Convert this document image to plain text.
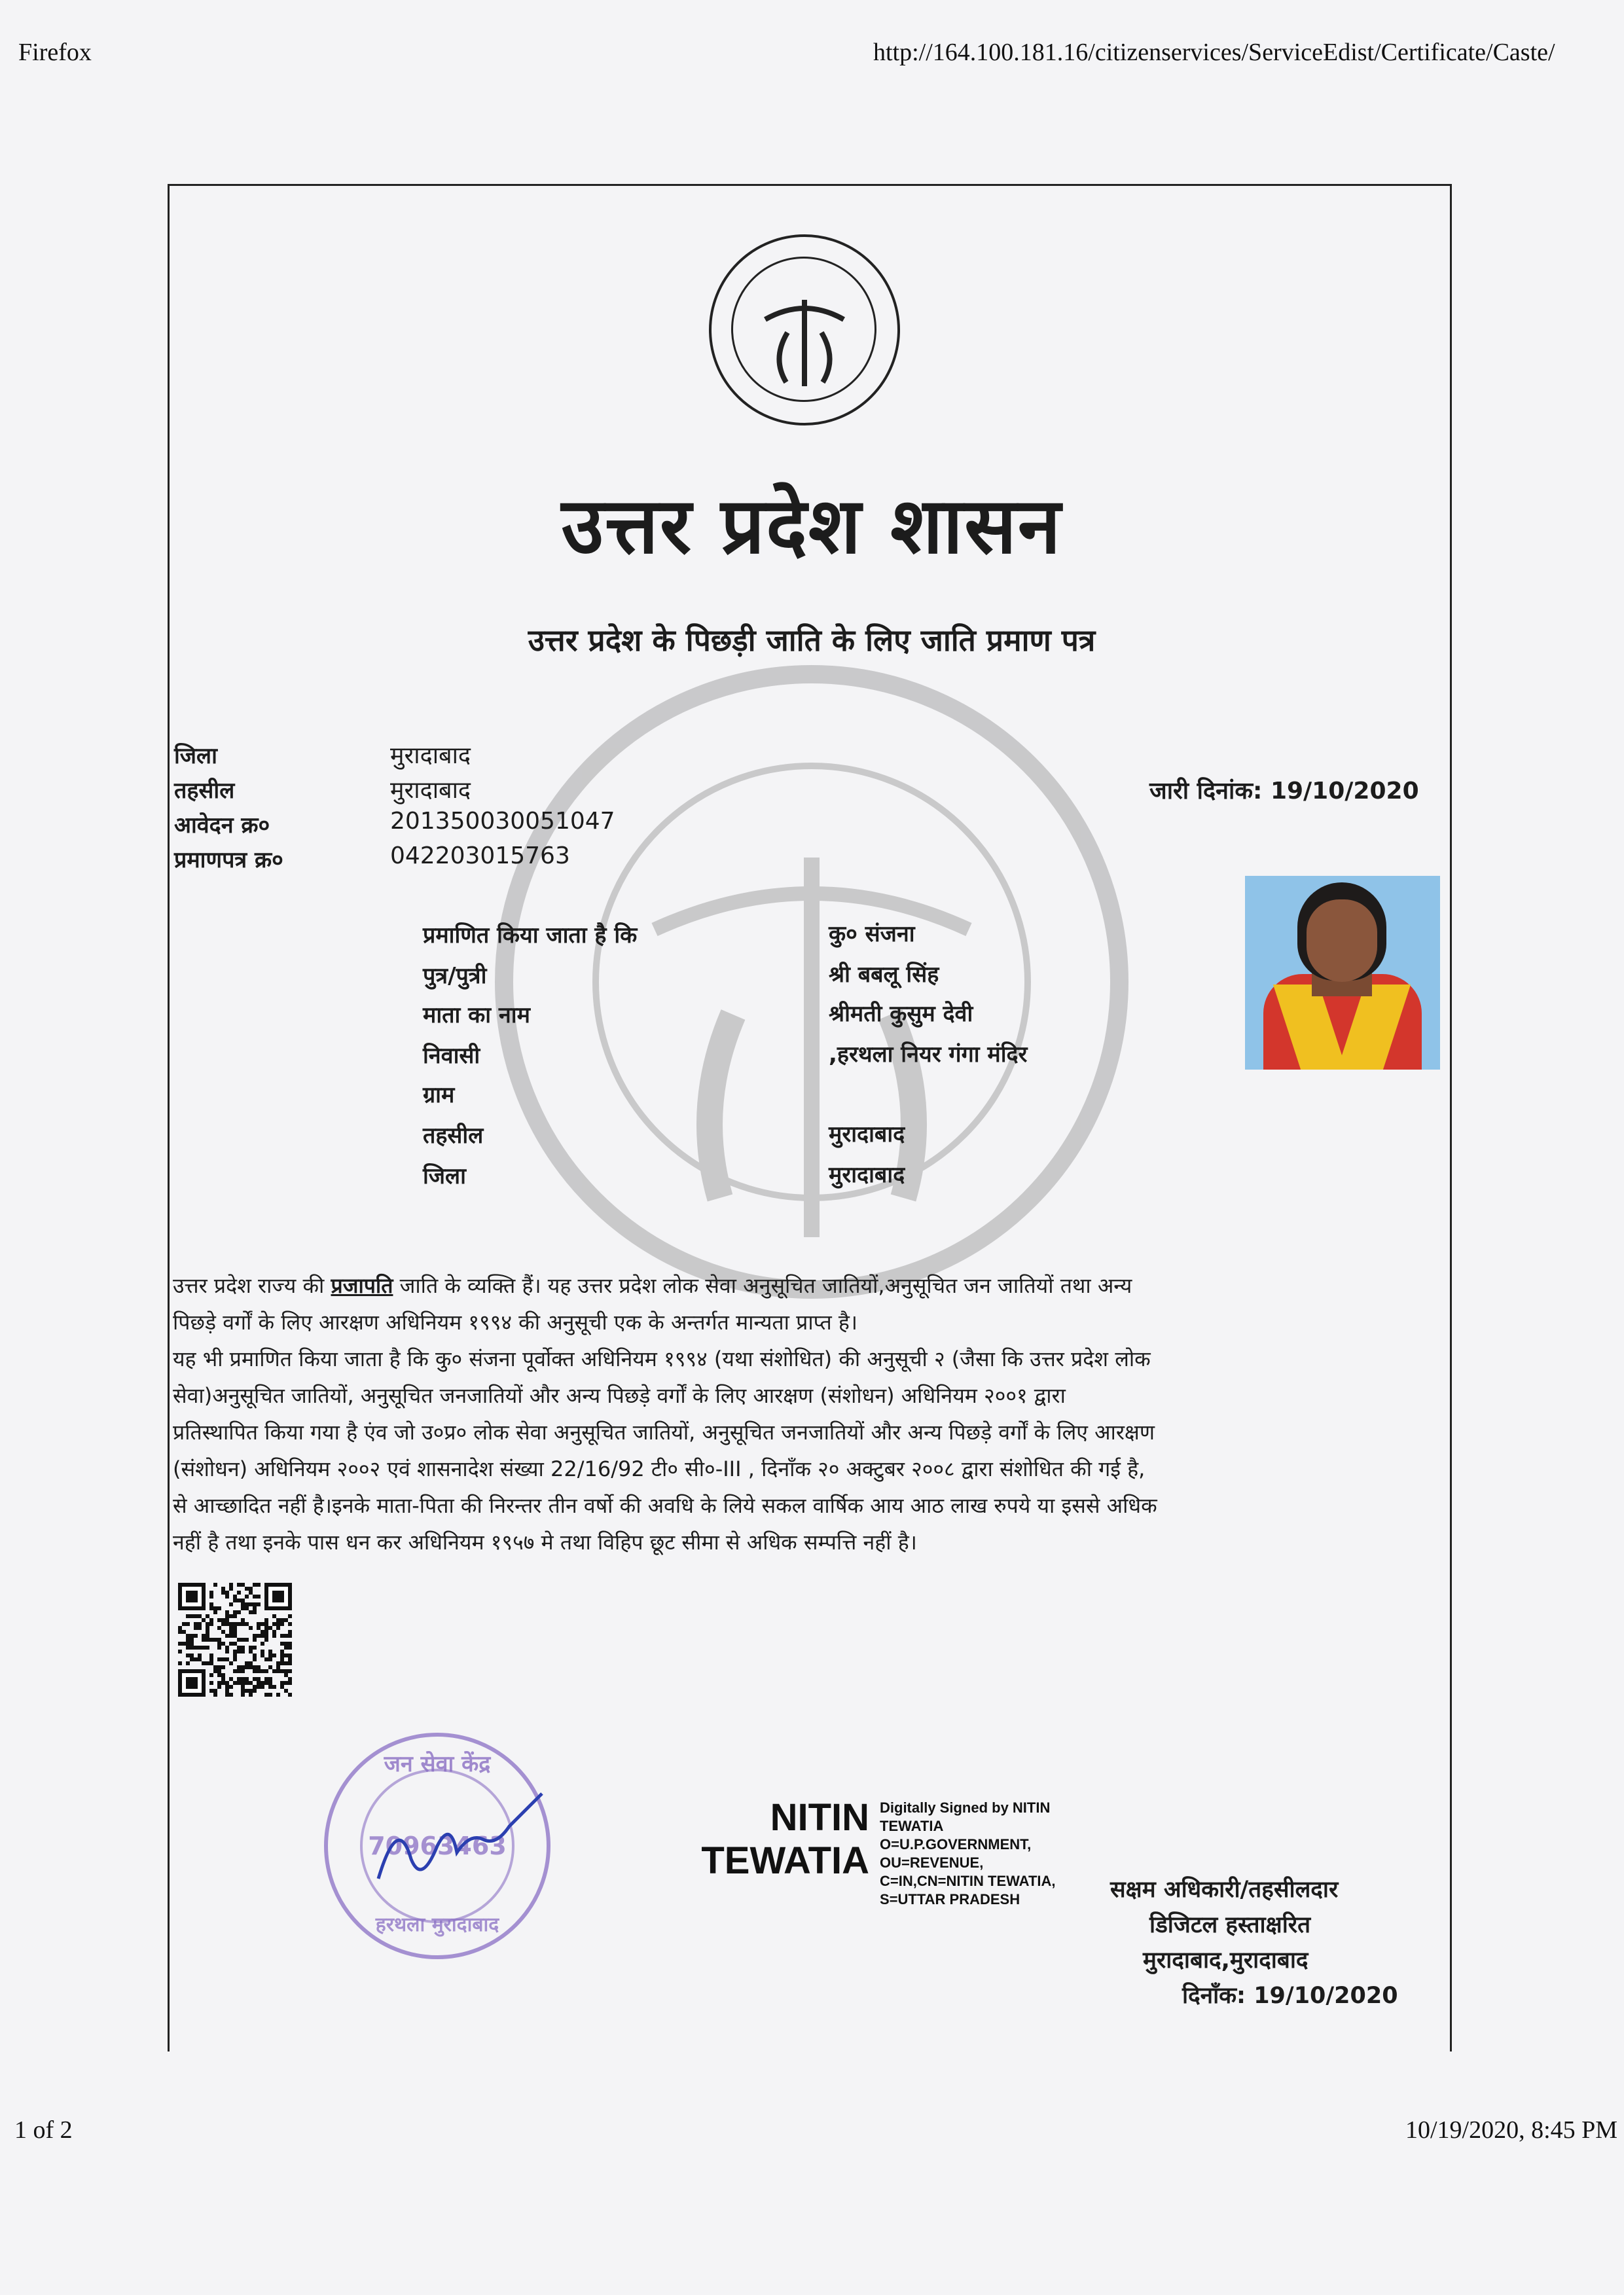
Firefox	http://164.100.181.16/citizenservices/ServiceEdist/Certificate/Caste/
1 of 2	10/19/2020, 8:45 PM
उत्तर प्रदेश शासन
उत्तर प्रदेश के पिछड़ी जाति के लिए जाति प्रमाण पत्र
जिला	मुरादाबाद
तहसील	मुरादाबाद
आवेदन क्र०	201350030051047
प्रमाणपत्र क्र०	042203015763
जारी दिनांक: 19/10/2020
प्रमाणित किया जाता है कि	कु० संजना
पुत्र/पुत्री	श्री बबलू सिंह
माता का नाम	श्रीमती कुसुम देवी
निवासी	,हरथला नियर गंगा मंदिर
ग्राम
तहसील	मुरादाबाद
जिला	मुरादाबाद
उत्तर प्रदेश राज्य की प्रजापति जाति के व्यक्ति हैं। यह उत्तर प्रदेश लोक सेवा अनुसूचित जातियों,अनुसूचित जन जातियों तथा अन्य
पिछड़े वर्गों के लिए आरक्षण अधिनियम १९९४ की अनुसूची एक के अन्तर्गत मान्यता प्राप्त है।
यह भी प्रमाणित किया जाता है कि कु० संजना पूर्वोक्त अधिनियम १९९४ (यथा संशोधित) की अनुसूची २ (जैसा कि उत्तर प्रदेश लोक
सेवा)अनुसूचित जातियों, अनुसूचित जनजातियों और अन्य पिछड़े वर्गों के लिए आरक्षण (संशोधन) अधिनियम २००१ द्वारा
प्रतिस्थापित किया गया है एंव जो उ०प्र० लोक सेवा अनुसूचित जातियों, अनुसूचित जनजातियों और अन्य पिछड़े वर्गों के लिए आरक्षण
(संशोधन) अधिनियम २००२ एवं शासनादेश संख्या 22/16/92 टी० सी०-III , दिनाँक २० अक्टुबर २००८ द्वारा संशोधित की गई है,
से आच्छादित नहीं है।इनके माता-पिता की निरन्तर तीन वर्षो की अवधि के लिये सकल वार्षिक आय आठ लाख रुपये या इससे अधिक
नहीं है तथा इनके पास धन कर अधिनियम १९५७ मे तथा विहिप छूट सीमा से अधिक सम्पत्ति नहीं है।
जन सेवा केंद्र
70963463
हरथला मुरादाबाद
NITIN
TEWATIA
Digitally Signed by NITIN TEWATIA O=U.P.GOVERNMENT, OU=REVENUE, C=IN,CN=NITIN TEWATIA, S=UTTAR PRADESH	सक्षम अधिकारी/तहसीलदार
डिजिटल हस्ताक्षरित
मुरादाबाद,मुरादाबाद
दिनाँक: 19/10/2020
